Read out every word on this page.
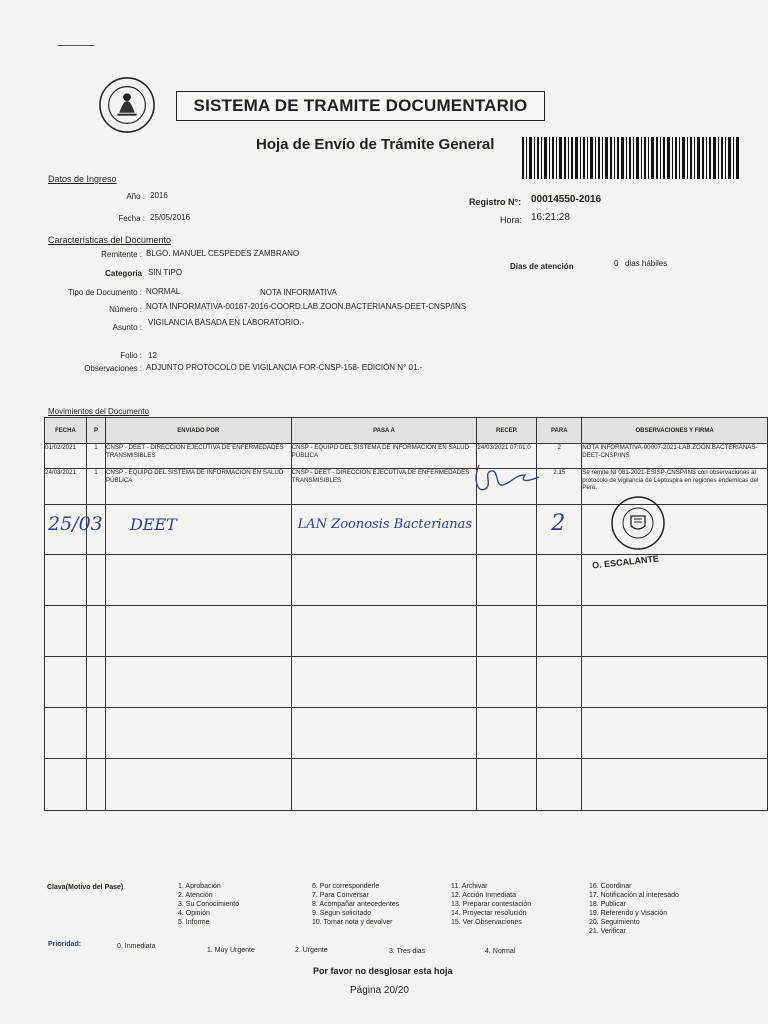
SISTEMA DE TRAMITE DOCUMENTARIO
Hoja de Envío de Trámite General
Datos de Ingreso
Año : 2016
Fecha : 25/05/2016
Registro N°: 00014550-2016
Hora: 16:21:28
Características del Documento
Remitente : BLGO. MANUEL CESPEDES ZAMBRANO
Categoria SIN TIPO
Dias de atención	0 dias hábiles
Tipo de Documento : NORMAL	NOTA INFORMATIVA
Número : NOTA INFORMATIVA-00167-2016-COORD.LAB.ZOON.BACTERIANAS-DEET-CNSP/INS
Asunto :
VIGILANCIA BASADA EN LABORATORIO.-
Folio : 12
Observaciones : ADJUNTO PROTOCOLO DE VIGILANCIA FOR-CNSP-158- EDICIÓN N° 01.-
Movimientos del Documento
FECHA	P	ENVIADO POR	PASA A	RECEP.	PARA	OBSERVACIONES Y FIRMA
01/02/2021	1	CNSP - DEET - DIRECCIÓN EJECUTIVA DE ENFERMEDADES TRANSMISIBLES	CNSP - EQUIPO DEL SISTEMA DE INFORMACIÓN EN SALUD PÚBLICA	24/03/2021 07:01:0	2	NOTA INFORMATIVA-00007-2021-LAB.ZOON.BACTERIANAS-DEET-CNSP/INS
24/03/2021	1	CNSP - EQUIPO DEL SISTEMA DE INFORMACIÓN EN SALUD PÚBLICA	CNSP - DEET - DIRECCIÓN EJECUTIVA DE ENFERMEDADES TRANSMISIBLES		2.15	Se remite NI 081-2021-ESISP-CNSP/INS con observaciones al protocolo de vigilancia de Leptospira en regiones endemicas del Perú.

25/03		DEET	LAN Zoonosis Bacterianas		2	O. ESCALANTE

Clava(Motivo del Pase)	1. Aprobación
2. Atención
3. Su Conocimiento
4. Opinión
5. Informe
6. Por corresponderle
7. Para Conversar
8. Acompañar antecedentes
9. Segun solicitado
10. Tomar nota y devolver
11. Archivar
12. Acción Inmediata
13. Preparar contestación
14. Proyectar resolución
15. Ver Observaciones
16. Coordinar
17. Notificación al interesado
18. Publicar
19. Referendo y Visación
20. Seguimiento
21. Verificar
Prioridad:	0. Inmediata
1. Muy Urgente	2. Urgente	3. Tres dias	4. Normal
Por favor no desglosar esta hoja
Página 20/20
